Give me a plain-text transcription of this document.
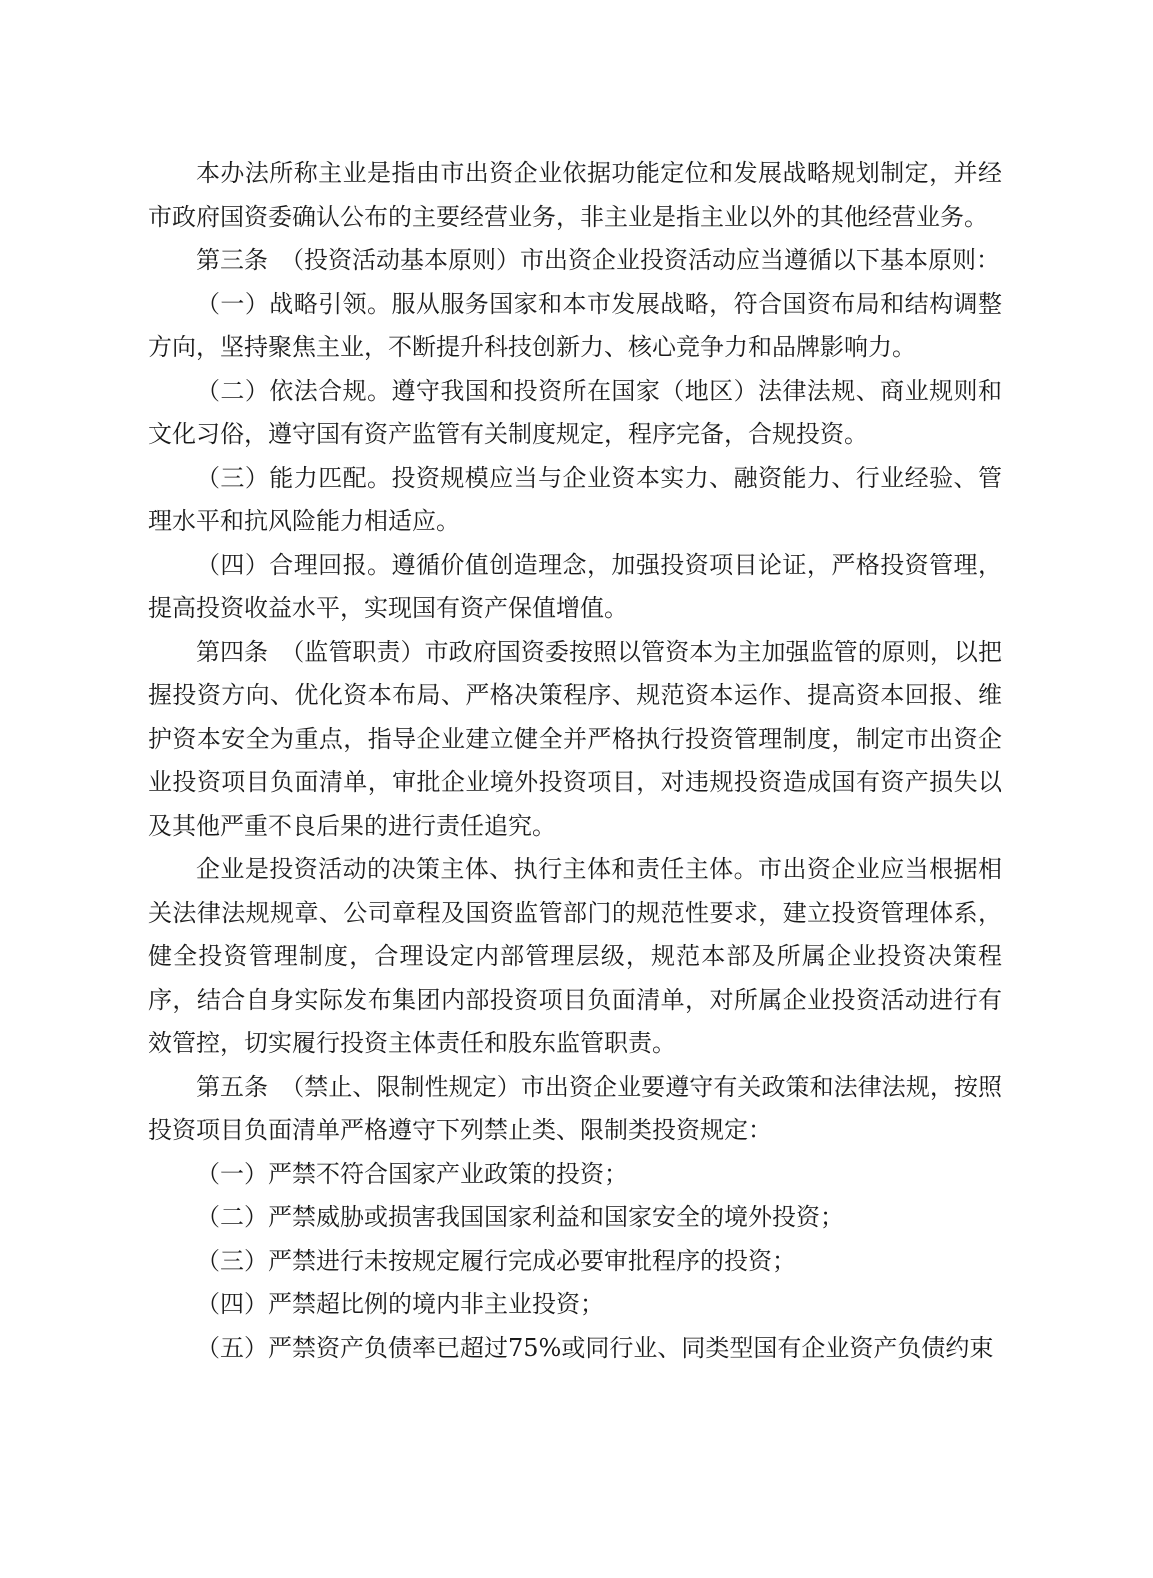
本办法所称主业是指由市出资企业依据功能定位和发展战略规划制定，并经市政府国资委确认公布的主要经营业务，非主业是指主业以外的其他经营业务。

第三条　（投资活动基本原则）市出资企业投资活动应当遵循以下基本原则：

（一）战略引领。服从服务国家和本市发展战略，符合国资布局和结构调整方向，坚持聚焦主业，不断提升科技创新力、核心竞争力和品牌影响力。

（二）依法合规。遵守我国和投资所在国家（地区）法律法规、商业规则和文化习俗，遵守国有资产监管有关制度规定，程序完备，合规投资。

（三）能力匹配。投资规模应当与企业资本实力、融资能力、行业经验、管理水平和抗风险能力相适应。

（四）合理回报。遵循价值创造理念，加强投资项目论证，严格投资管理，提高投资收益水平，实现国有资产保值增值。

第四条　（监管职责）市政府国资委按照以管资本为主加强监管的原则，以把握投资方向、优化资本布局、严格决策程序、规范资本运作、提高资本回报、维护资本安全为重点，指导企业建立健全并严格执行投资管理制度，制定市出资企业投资项目负面清单，审批企业境外投资项目，对违规投资造成国有资产损失以及其他严重不良后果的进行责任追究。

企业是投资活动的决策主体、执行主体和责任主体。市出资企业应当根据相关法律法规规章、公司章程及国资监管部门的规范性要求，建立投资管理体系，健全投资管理制度，合理设定内部管理层级，规范本部及所属企业投资决策程序，结合自身实际发布集团内部投资项目负面清单，对所属企业投资活动进行有效管控，切实履行投资主体责任和股东监管职责。

第五条　（禁止、限制性规定）市出资企业要遵守有关政策和法律法规，按照投资项目负面清单严格遵守下列禁止类、限制类投资规定：

（一）严禁不符合国家产业政策的投资；

（二）严禁威胁或损害我国国家利益和国家安全的境外投资；

（三）严禁进行未按规定履行完成必要审批程序的投资；

（四）严禁超比例的境内非主业投资；

（五）严禁资产负债率已超过75%或同行业、同类型国有企业资产负债约束
